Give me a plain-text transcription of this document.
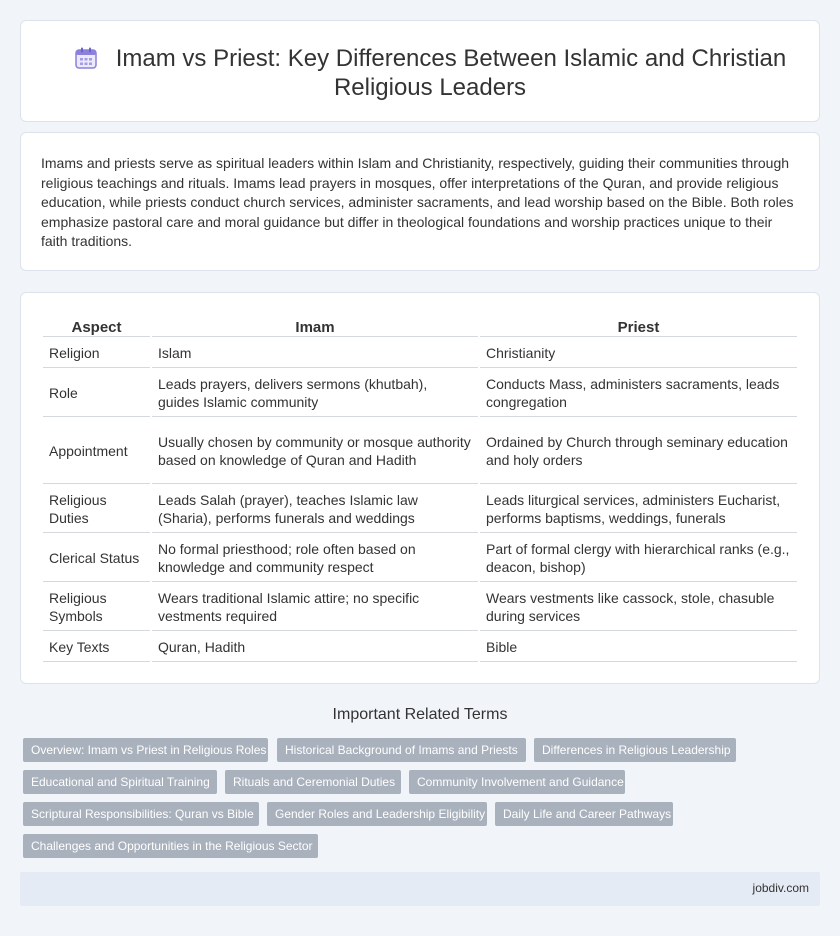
Imam vs Priest: Key Differences Between Islamic and Christian Religious Leaders

Imams and priests serve as spiritual leaders within Islam and Christianity, respectively, guiding their communities through religious teachings and rituals. Imams lead prayers in mosques, offer interpretations of the Quran, and provide religious education, while priests conduct church services, administer sacraments, and lead worship based on the Bible. Both roles emphasize pastoral care and moral guidance but differ in theological foundations and worship practices unique to their faith traditions.

Aspect	Imam	Priest
Religion	Islam	Christianity
Role	Leads prayers, delivers sermons (khutbah), guides Islamic community	Conducts Mass, administers sacraments, leads congregation
Appointment	Usually chosen by community or mosque authority based on knowledge of Quran and Hadith	Ordained by Church through seminary education and holy orders
Religious Duties	Leads Salah (prayer), teaches Islamic law (Sharia), performs funerals and weddings	Leads liturgical services, administers Eucharist, performs baptisms, weddings, funerals
Clerical Status	No formal priesthood; role often based on knowledge and community respect	Part of formal clergy with hierarchical ranks (e.g., deacon, bishop)
Religious Symbols	Wears traditional Islamic attire; no specific vestments required	Wears vestments like cassock, stole, chasuble during services
Key Texts	Quran, Hadith	Bible
Important Related Terms
Overview: Imam vs Priest in Religious Roles	Historical Background of Imams and Priests	Differences in Religious Leadership
Educational and Spiritual Training	Rituals and Ceremonial Duties	Community Involvement and Guidance
Scriptural Responsibilities: Quran vs Bible	Gender Roles and Leadership Eligibility	Daily Life and Career Pathways
Challenges and Opportunities in the Religious Sector
jobdiv.com
